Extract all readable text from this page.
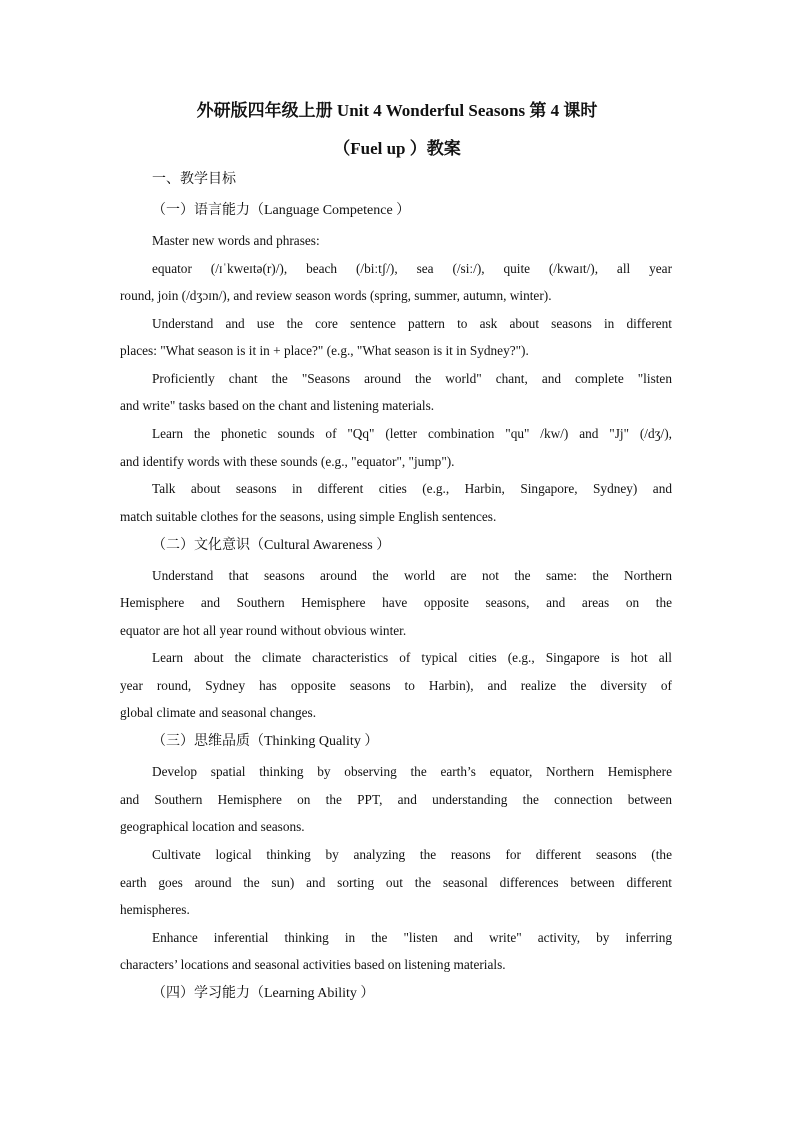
外研版四年级上册 Unit 4 Wonderful Seasons 第 4 课时
（Fuel up ）教案
一、教学目标
（一）语言能力（Language Competence ）
Master new words and phrases:
equator (/ɪˈkweɪtə(r)/), beach (/biːtʃ/), sea (/siː/), quite (/kwaɪt/), all year
round, join (/dʒɔɪn/), and review season words (spring, summer, autumn, winter).
Understand and use the core sentence pattern to ask about seasons in different
places: "What season is it in + place?" (e.g., "What season is it in Sydney?").
Proficiently chant the "Seasons around the world" chant, and complete "listen
and write" tasks based on the chant and listening materials.
Learn the phonetic sounds of "Qq" (letter combination "qu" /kw/) and "Jj" (/dʒ/),
and identify words with these sounds (e.g., "equator", "jump").
Talk about seasons in different cities (e.g., Harbin, Singapore, Sydney) and
match suitable clothes for the seasons, using simple English sentences.
（二）文化意识（Cultural Awareness ）
Understand that seasons around the world are not the same: the Northern
Hemisphere and Southern Hemisphere have opposite seasons, and areas on the
equator are hot all year round without obvious winter.
Learn about the climate characteristics of typical cities (e.g., Singapore is hot all
year round, Sydney has opposite seasons to Harbin), and realize the diversity of
global climate and seasonal changes.
（三）思维品质（Thinking Quality ）
Develop spatial thinking by observing the earth’s equator, Northern Hemisphere
and Southern Hemisphere on the PPT, and understanding the connection between
geographical location and seasons.
Cultivate logical thinking by analyzing the reasons for different seasons (the
earth goes around the sun) and sorting out the seasonal differences between different
hemispheres.
Enhance inferential thinking in the "listen and write" activity, by inferring
characters’ locations and seasonal activities based on listening materials.
（四）学习能力（Learning Ability ）
